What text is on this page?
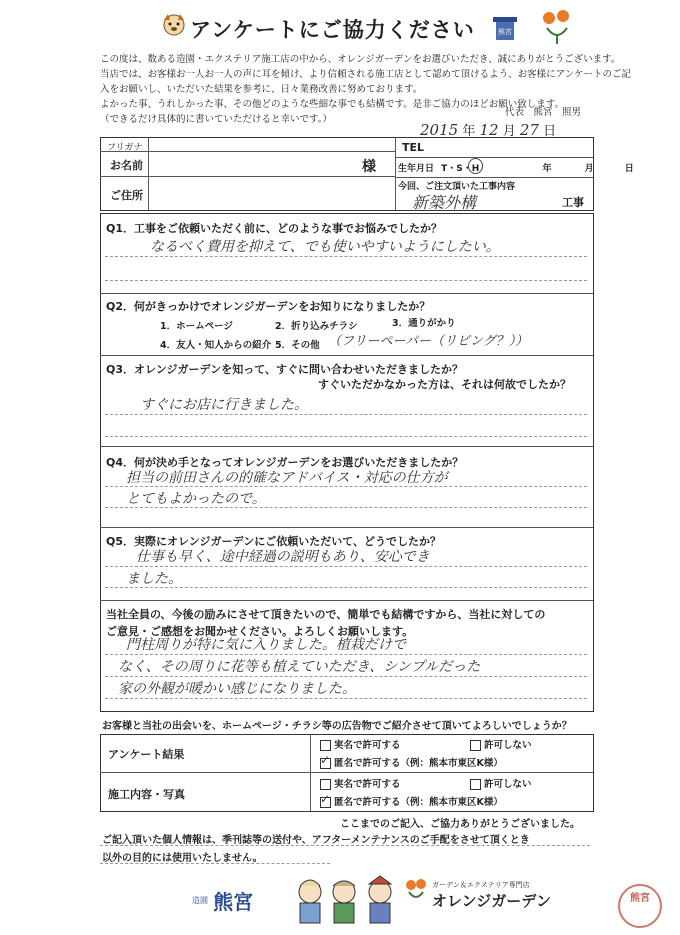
アンケートにご協力ください	熊宮
この度は、数ある造園・エクステリア施工店の中から、オレンジガーデンをお選びいただき、誠にありがとうございます。
当店では、お客様お一人お一人の声に耳を傾け、より信頼される施工店として認めて頂けるよう、お客様にアンケートのご記
入をお願いし、いただいた結果を参考に、日々業務改善に努めております。
よかった事、うれしかった事、その他どのような些細な事でも結構です。是非ご協力のほどお願い致します。
（できるだけ具体的に書いていただけると幸いです。）
代表　熊宮　照男
2015 年 12 月 27 日
フリガナ
お名前	様
ご住所
TEL
生年月日 T・S・H	年	月	日
今回、ご注文頂いた工事内容
新築外構	工事
Q1．工事をご依頼いただく前に、どのような事でお悩みでしたか？
なるべく費用を抑えて、でも使いやすいようにしたい。
Q2．何がきっかけでオレンジガーデンをお知りになりましたか？
1．ホームページ	2．折り込みチラシ	3．通りがかり
4．友人・知人からの紹介 5．その他 （フリーペーパー（リビング？））
Q3．オレンジガーデンを知って、すぐに問い合わせいただきましたか？
すぐいただかなかった方は、それは何故でしたか？
すぐにお店に行きました。
Q4．何が決め手となってオレンジガーデンをお選びいただきましたか？
担当の前田さんの的確なアドバイス・対応の仕方が
とてもよかったので。
Q5．実際にオレンジガーデンにご依頼いただいて、どうでしたか？
仕事も早く、途中経過の説明もあり、安心でき
ました。
当社全員の、今後の励みにさせて頂きたいので、簡単でも結構ですから、当社に対しての
ご意見・ご感想をお聞かせください。よろしくお願いします。
門柱周りが特に気に入りました。植栽だけで
なく、その周りに花等も植えていただき、シンプルだった
家の外観が暖かい感じになりました。
お客様と当社の出会いを、ホームページ・チラシ等の広告物でご紹介させて頂いてよろしいでしょうか？
アンケート結果
実名で許可する	許可しない
✓匿名で許可する（例：熊本市東区K様）
施工内容・写真
実名で許可する	許可しない
✓匿名で許可する（例：熊本市東区K様）
ここまでのご記入、ご協力ありがとうございました。
ご記入頂いた個人情報は、季刊誌等の送付や、アフターメンテナンスのご手配をさせて頂くとき
以外の目的には使用いたしません。
造園 熊宮
ガーデン＆エクステリア専門店
オレンジガーデン	熊宮
